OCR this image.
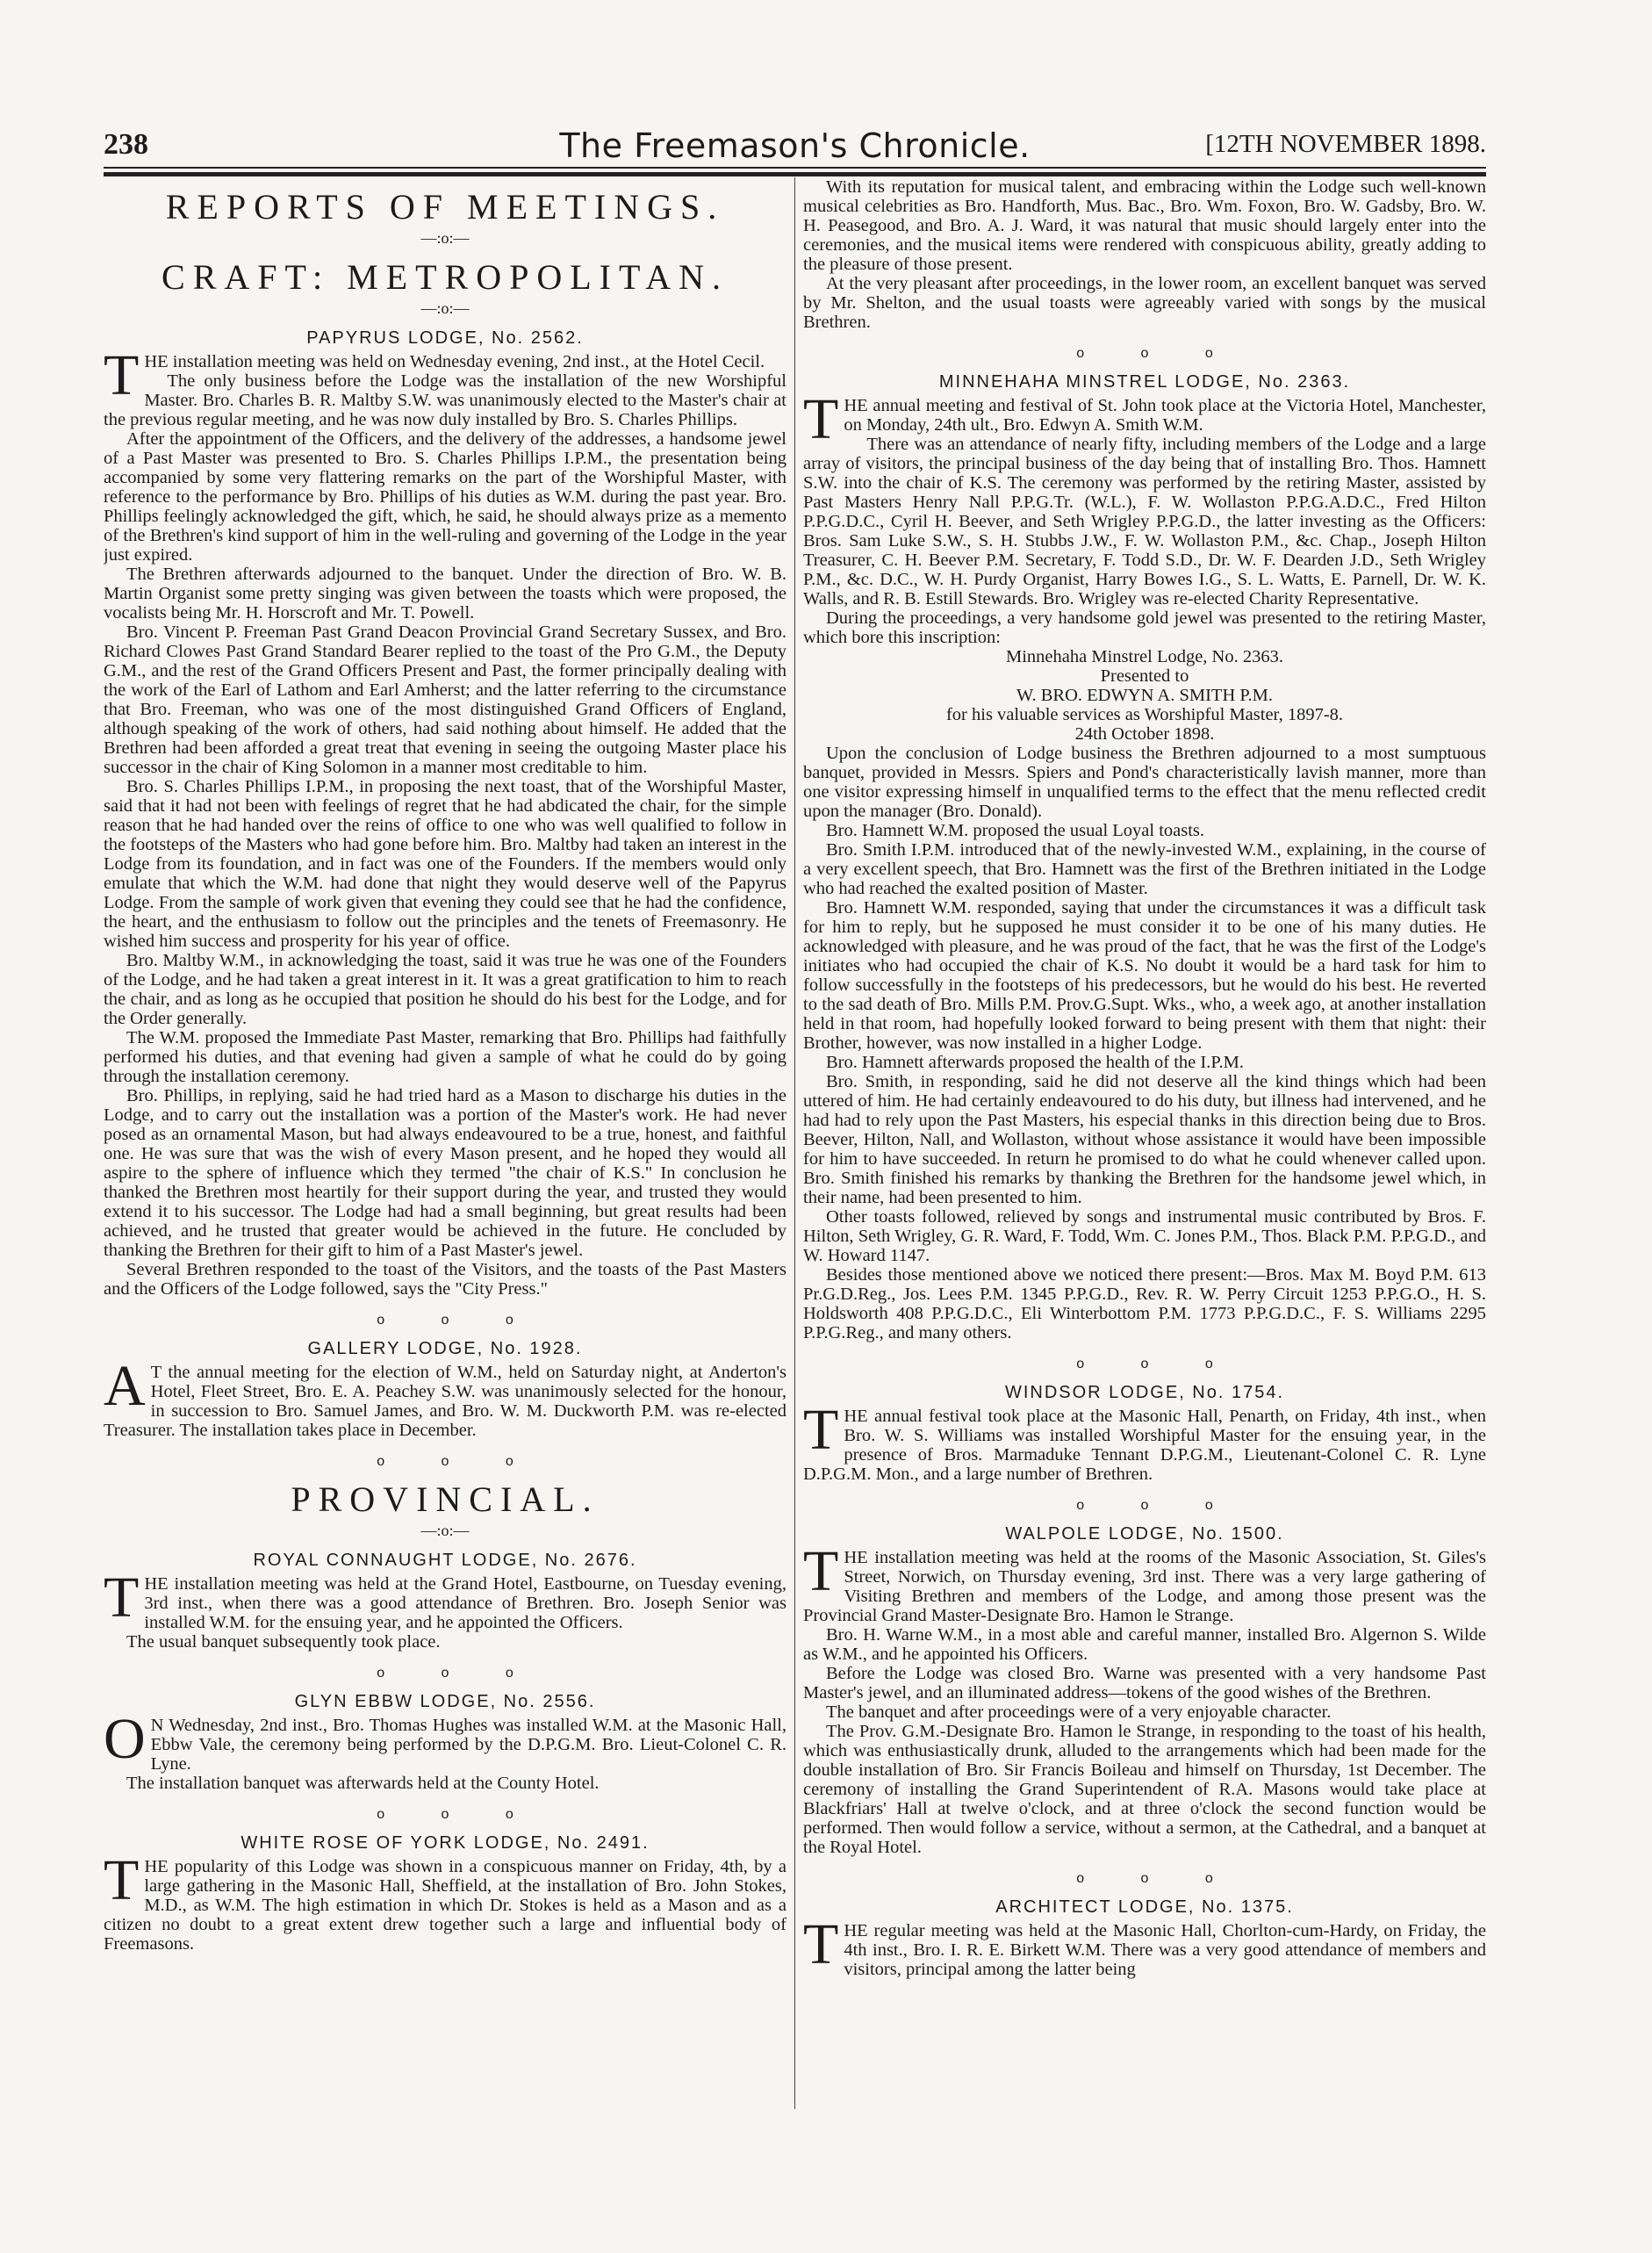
238	The Freemason's Chronicle.	[12TH NOVEMBER 1898.
REPORTS OF MEETINGS.
—:o:—
CRAFT: METROPOLITAN.
—:o:—
PAPYRUS LODGE, No. 2562.

THE installation meeting was held on Wednesday evening, 2nd inst., at the Hotel Cecil.

The only business before the Lodge was the installation of the new Worshipful Master. Bro. Charles B. R. Maltby S.W. was unanimously elected to the Master's chair at the previous regular meeting, and he was now duly installed by Bro. S. Charles Phillips.

After the appointment of the Officers, and the delivery of the addresses, a handsome jewel of a Past Master was presented to Bro. S. Charles Phillips I.P.M., the presentation being accompanied by some very flattering remarks on the part of the Worshipful Master, with reference to the performance by Bro. Phillips of his duties as W.M. during the past year. Bro. Phillips feelingly acknowledged the gift, which, he said, he should always prize as a memento of the Brethren's kind support of him in the well-ruling and governing of the Lodge in the year just expired.

The Brethren afterwards adjourned to the banquet. Under the direction of Bro. W. B. Martin Organist some pretty singing was given between the toasts which were proposed, the vocalists being Mr. H. Horscroft and Mr. T. Powell.

Bro. Vincent P. Freeman Past Grand Deacon Provincial Grand Secretary Sussex, and Bro. Richard Clowes Past Grand Standard Bearer replied to the toast of the Pro G.M., the Deputy G.M., and the rest of the Grand Officers Present and Past, the former principally dealing with the work of the Earl of Lathom and Earl Amherst; and the latter referring to the circumstance that Bro. Freeman, who was one of the most distinguished Grand Officers of England, although speaking of the work of others, had said nothing about himself. He added that the Brethren had been afforded a great treat that evening in seeing the outgoing Master place his successor in the chair of King Solomon in a manner most creditable to him.

Bro. S. Charles Phillips I.P.M., in proposing the next toast, that of the Worshipful Master, said that it had not been with feelings of regret that he had abdicated the chair, for the simple reason that he had handed over the reins of office to one who was well qualified to follow in the footsteps of the Masters who had gone before him. Bro. Maltby had taken an interest in the Lodge from its foundation, and in fact was one of the Founders. If the members would only emulate that which the W.M. had done that night they would deserve well of the Papyrus Lodge. From the sample of work given that evening they could see that he had the confidence, the heart, and the enthusiasm to follow out the principles and the tenets of Freemasonry. He wished him success and prosperity for his year of office.

Bro. Maltby W.M., in acknowledging the toast, said it was true he was one of the Founders of the Lodge, and he had taken a great interest in it. It was a great gratification to him to reach the chair, and as long as he occupied that position he should do his best for the Lodge, and for the Order generally.

The W.M. proposed the Immediate Past Master, remarking that Bro. Phillips had faithfully performed his duties, and that evening had given a sample of what he could do by going through the installation ceremony.

Bro. Phillips, in replying, said he had tried hard as a Mason to discharge his duties in the Lodge, and to carry out the installation was a portion of the Master's work. He had never posed as an ornamental Mason, but had always endeavoured to be a true, honest, and faithful one. He was sure that was the wish of every Mason present, and he hoped they would all aspire to the sphere of influence which they termed "the chair of K.S." In conclusion he thanked the Brethren most heartily for their support during the year, and trusted they would extend it to his successor. The Lodge had had a small beginning, but great results had been achieved, and he trusted that greater would be achieved in the future. He concluded by thanking the Brethren for their gift to him of a Past Master's jewel.

Several Brethren responded to the toast of the Visitors, and the toasts of the Past Masters and the Officers of the Lodge followed, says the "City Press."

o o o
GALLERY LODGE, No. 1928.

A T the annual meeting for the election of W.M., held on Saturday night, at Anderton's Hotel, Fleet Street, Bro. E. A. Peachey S.W. was unanimously selected for the honour, in succession to Bro. Samuel James, and Bro. W. M. Duckworth P.M. was re-elected Treasurer. The installation takes place in December.

o o o
PROVINCIAL.
—:o:—
ROYAL CONNAUGHT LODGE, No. 2676.

THE installation meeting was held at the Grand Hotel, Eastbourne, on Tuesday evening, 3rd inst., when there was a good attendance of Brethren. Bro. Joseph Senior was installed W.M. for the ensuing year, and he appointed the Officers.

The usual banquet subsequently took place.

o o o
GLYN EBBW LODGE, No. 2556.

O N Wednesday, 2nd inst., Bro. Thomas Hughes was installed W.M. at the Masonic Hall, Ebbw Vale, the ceremony being performed by the D.P.G.M. Bro. Lieut-Colonel C. R. Lyne.

The installation banquet was afterwards held at the County Hotel.

o o o
WHITE ROSE OF YORK LODGE, No. 2491.

THE popularity of this Lodge was shown in a conspicuous manner on Friday, 4th, by a large gathering in the Masonic Hall, Sheffield, at the installation of Bro. John Stokes, M.D., as W.M. The high estimation in which Dr. Stokes is held as a Mason and as a citizen no doubt to a great extent drew together such a large and influential body of Freemasons.

With its reputation for musical talent, and embracing within the Lodge such well-known musical celebrities as Bro. Handforth, Mus. Bac., Bro. Wm. Foxon, Bro. W. Gadsby, Bro. W. H. Peasegood, and Bro. A. J. Ward, it was natural that music should largely enter into the ceremonies, and the musical items were rendered with conspicuous ability, greatly adding to the pleasure of those present.

At the very pleasant after proceedings, in the lower room, an excellent banquet was served by Mr. Shelton, and the usual toasts were agreeably varied with songs by the musical Brethren.

o o o
MINNEHAHA MINSTREL LODGE, No. 2363.

THE annual meeting and festival of St. John took place at the Victoria Hotel, Manchester, on Monday, 24th ult., Bro. Edwyn A. Smith W.M.

There was an attendance of nearly fifty, including members of the Lodge and a large array of visitors, the principal business of the day being that of installing Bro. Thos. Hamnett S.W. into the chair of K.S. The ceremony was performed by the retiring Master, assisted by Past Masters Henry Nall P.P.G.Tr. (W.L.), F. W. Wollaston P.P.G.A.D.C., Fred Hilton P.P.G.D.C., Cyril H. Beever, and Seth Wrigley P.P.G.D., the latter investing as the Officers: Bros. Sam Luke S.W., S. H. Stubbs J.W., F. W. Wollaston P.M., &c. Chap., Joseph Hilton Treasurer, C. H. Beever P.M. Secretary, F. Todd S.D., Dr. W. F. Dearden J.D., Seth Wrigley P.M., &c. D.C., W. H. Purdy Organist, Harry Bowes I.G., S. L. Watts, E. Parnell, Dr. W. K. Walls, and R. B. Estill Stewards. Bro. Wrigley was re-elected Charity Representative.

During the proceedings, a very handsome gold jewel was presented to the retiring Master, which bore this inscription:

Minnehaha Minstrel Lodge, No. 2363.
Presented to
W. BRO. EDWYN A. SMITH P.M.
for his valuable services as Worshipful Master, 1897-8.
24th October 1898.

Upon the conclusion of Lodge business the Brethren adjourned to a most sumptuous banquet, provided in Messrs. Spiers and Pond's characteristically lavish manner, more than one visitor expressing himself in unqualified terms to the effect that the menu reflected credit upon the manager (Bro. Donald).

Bro. Hamnett W.M. proposed the usual Loyal toasts.

Bro. Smith I.P.M. introduced that of the newly-invested W.M., explaining, in the course of a very excellent speech, that Bro. Hamnett was the first of the Brethren initiated in the Lodge who had reached the exalted position of Master.

Bro. Hamnett W.M. responded, saying that under the circumstances it was a difficult task for him to reply, but he supposed he must consider it to be one of his many duties. He acknowledged with pleasure, and he was proud of the fact, that he was the first of the Lodge's initiates who had occupied the chair of K.S. No doubt it would be a hard task for him to follow successfully in the footsteps of his predecessors, but he would do his best. He reverted to the sad death of Bro. Mills P.M. Prov.G.Supt. Wks., who, a week ago, at another installation held in that room, had hopefully looked forward to being present with them that night: their Brother, however, was now installed in a higher Lodge.

Bro. Hamnett afterwards proposed the health of the I.P.M.

Bro. Smith, in responding, said he did not deserve all the kind things which had been uttered of him. He had certainly endeavoured to do his duty, but illness had intervened, and he had had to rely upon the Past Masters, his especial thanks in this direction being due to Bros. Beever, Hilton, Nall, and Wollaston, without whose assistance it would have been impossible for him to have succeeded. In return he promised to do what he could whenever called upon. Bro. Smith finished his remarks by thanking the Brethren for the handsome jewel which, in their name, had been presented to him.

Other toasts followed, relieved by songs and instrumental music contributed by Bros. F. Hilton, Seth Wrigley, G. R. Ward, F. Todd, Wm. C. Jones P.M., Thos. Black P.M. P.P.G.D., and W. Howard 1147.

Besides those mentioned above we noticed there present:—Bros. Max M. Boyd P.M. 613 Pr.G.D.Reg., Jos. Lees P.M. 1345 P.P.G.D., Rev. R. W. Perry Circuit 1253 P.P.G.O., H. S. Holdsworth 408 P.P.G.D.C., Eli Winterbottom P.M. 1773 P.P.G.D.C., F. S. Williams 2295 P.P.G.Reg., and many others.

o o o
WINDSOR LODGE, No. 1754.

THE annual festival took place at the Masonic Hall, Penarth, on Friday, 4th inst., when Bro. W. S. Williams was installed Worshipful Master for the ensuing year, in the presence of Bros. Marmaduke Tennant D.P.G.M., Lieutenant-Colonel C. R. Lyne D.P.G.M. Mon., and a large number of Brethren.

o o o
WALPOLE LODGE, No. 1500.

THE installation meeting was held at the rooms of the Masonic Association, St. Giles's Street, Norwich, on Thursday evening, 3rd inst. There was a very large gathering of Visiting Brethren and members of the Lodge, and among those present was the Provincial Grand Master-Designate Bro. Hamon le Strange.

Bro. H. Warne W.M., in a most able and careful manner, installed Bro. Algernon S. Wilde as W.M., and he appointed his Officers.

Before the Lodge was closed Bro. Warne was presented with a very handsome Past Master's jewel, and an illuminated address—tokens of the good wishes of the Brethren.

The banquet and after proceedings were of a very enjoyable character.

The Prov. G.M.-Designate Bro. Hamon le Strange, in responding to the toast of his health, which was enthusiastically drunk, alluded to the arrangements which had been made for the double installation of Bro. Sir Francis Boileau and himself on Thursday, 1st December. The ceremony of installing the Grand Superintendent of R.A. Masons would take place at Blackfriars' Hall at twelve o'clock, and at three o'clock the second function would be performed. Then would follow a service, without a sermon, at the Cathedral, and a banquet at the Royal Hotel.

o o o
ARCHITECT LODGE, No. 1375.

THE regular meeting was held at the Masonic Hall, Chorlton-cum-Hardy, on Friday, the 4th inst., Bro. I. R. E. Birkett W.M. There was a very good attendance of members and visitors, principal among the latter being
